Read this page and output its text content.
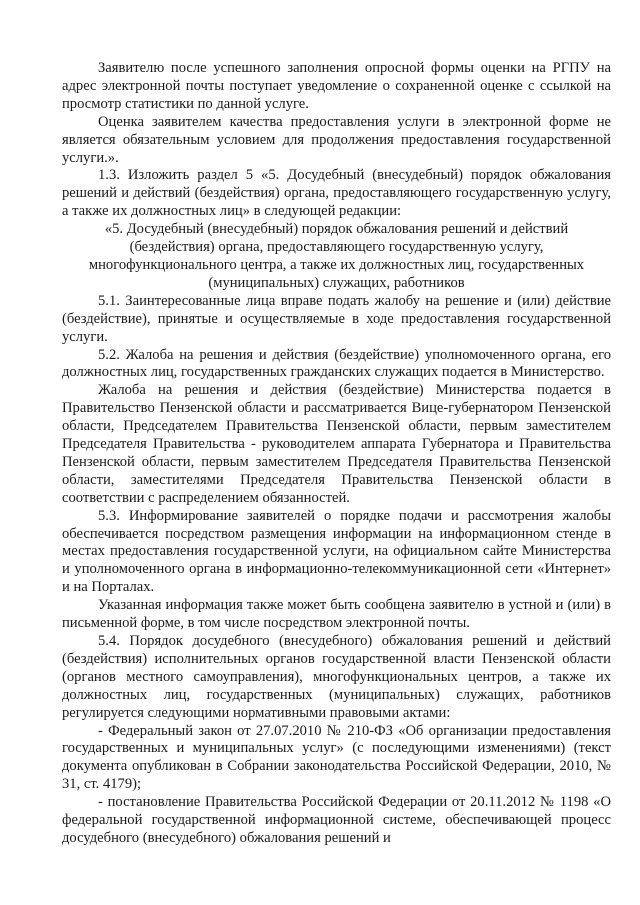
Заявителю после успешного заполнения опросной формы оценки на РГПУ на адрес электронной почты поступает уведомление о сохраненной оценке с ссылкой на просмотр статистики по данной услуге.

Оценка заявителем качества предоставления услуги в электронной форме не является обязательным условием для продолжения предоставления государственной услуги.».

1.3. Изложить раздел 5 «5. Досудебный (внесудебный) порядок обжалования решений и действий (бездействия) органа, предоставляющего государственную услугу, а также их должностных лиц» в следующей редакции:

«5. Досудебный (внесудебный) порядок обжалования решений и действий (бездействия) органа, предоставляющего государственную услугу, многофункционального центра, а также их должностных лиц, государственных (муниципальных) служащих, работников

5.1. Заинтересованные лица вправе подать жалобу на решение и (или) действие (бездействие), принятые и осуществляемые в ходе предоставления государственной услуги.

5.2. Жалоба на решения и действия (бездействие) уполномоченного органа, его должностных лиц, государственных гражданских служащих подается в Министерство.

Жалоба на решения и действия (бездействие) Министерства подается в Правительство Пензенской области и рассматривается Вице-губернатором Пензенской области, Председателем Правительства Пензенской области, первым заместителем Председателя Правительства - руководителем аппарата Губернатора и Правительства Пензенской области, первым заместителем Председателя Правительства Пензенской области, заместителями Председателя Правительства Пензенской области в соответствии с распределением обязанностей.

5.3. Информирование заявителей о порядке подачи и рассмотрения жалобы обеспечивается посредством размещения информации на информационном стенде в местах предоставления государственной услуги, на официальном сайте Министерства и уполномоченного органа в информационно-телекоммуникационной сети «Интернет» и на Порталах.

Указанная информация также может быть сообщена заявителю в устной и (или) в письменной форме, в том числе посредством электронной почты.

5.4. Порядок досудебного (внесудебного) обжалования решений и действий (бездействия) исполнительных органов государственной власти Пензенской области (органов местного самоуправления), многофункциональных центров, а также их должностных лиц, государственных (муниципальных) служащих, работников регулируется следующими нормативными правовыми актами:

- Федеральный закон от 27.07.2010 № 210-ФЗ «Об организации предоставления государственных и муниципальных услуг» (с последующими изменениями) (текст документа опубликован в Собрании законодательства Российской Федерации, 2010, № 31, ст. 4179);

- постановление Правительства Российской Федерации от 20.11.2012 № 1198 «О федеральной государственной информационной системе, обеспечивающей процесс досудебного (внесудебного) обжалования решений и
